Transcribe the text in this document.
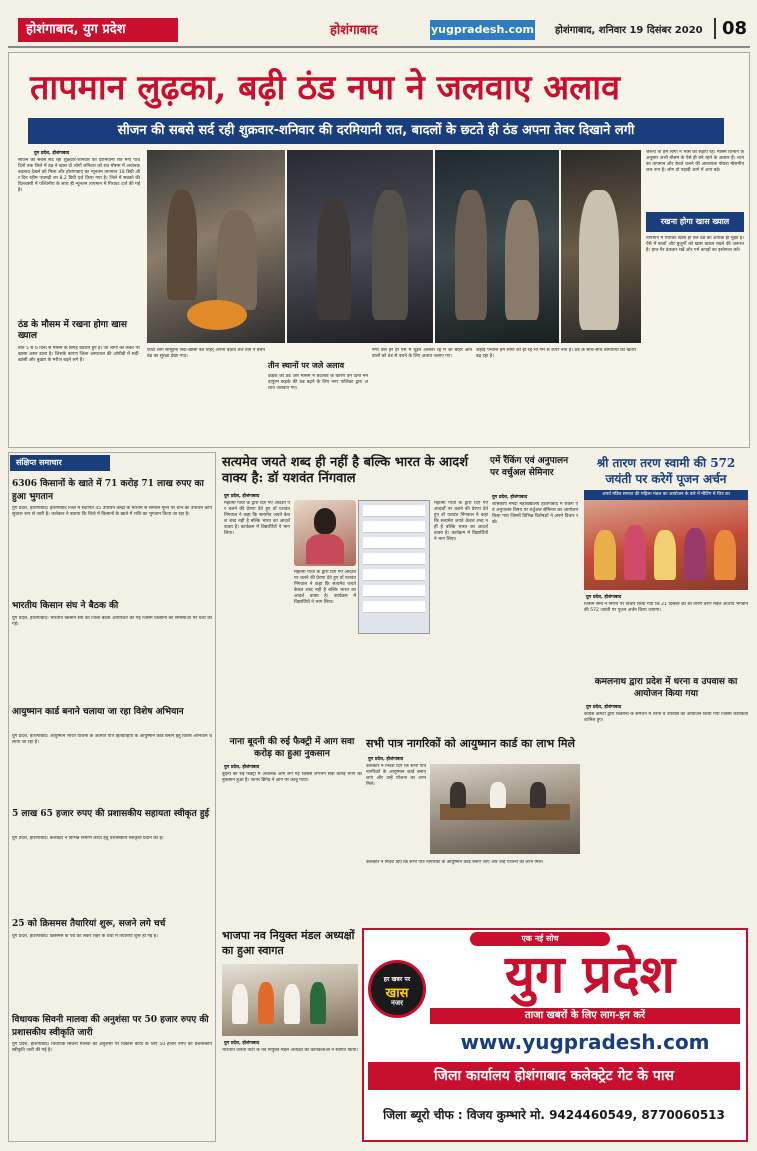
होशंगाबाद, युग प्रदेश	होशंगाबाद	yugpradesh.com होशंगाबाद, शनिवार 19 दिसंबर 2020	08
तापमान लुढ़का, बढ़ी ठंड नपा ने जलवाए अलाव
सीजन की सबसे सर्द रही शुक्रवार-शनिवार की दरमियानी रात, बादलों के छटते ही ठंड अपना तेवर दिखाने लगी
युग प्रदेश, होशंगाबाद
सीजन की सबसे सर्द रही शुक्रवार-शनिवार की दरमियानी रात मंगी पांच दिनों तक जिले में ठंड ने खास दो लोगों शनिवार को रात मौसम में अचानक बदलाव देखने को मिला और होशंगाबाद का न्यूनतम तापमान 18 डिग्री और दिन रहीम पचमढ़ी का 8.2 डिग्री दर्ज किया गया है। जिले में सबको की दिलचस्पी में पश्चिमीय के साथ ही न्यूनतम तापमान में गिरावट दर्ज की गई है।
ठंड के मौसम में रखना होगा खास ख्याल
बीते 5 से 6 दिनों से मौसम के बिगड़ बदलते हुए हैं। जो लोगों को लेकर पर खासा असर डाला है। जिसके कारण जिला अस्पताल की ओपीडी में सर्दी-खांसी और बुखार के मरीज बढ़ने लगे हैं।
फोटो लोग सामूहनों सर्दी-खांसी बत पहिर् अपना बचाव तेज तीन ने बचने ठंड का सुरक्षा देखा गया।
तीन स्थानों पर जले अलाव
कड़के की ठंड और मौसम में बदलाव के कारण इन दिनों नर्मदापुरम कड़के की ठंड बढ़ने के लिए नगर पालिका द्वारा अलाव जलवाए गए।
नगर बैल हर ही ऐसे में चूड़ने अलावा रहे में जो बाहर आने वालों को ठंड से बचने के लिए अलाव जलाए गए।
जहाड़ पन्थीत्त हम लोगों को हो रहे भी गर्म से ऊपर नया है। ठंड के साथ-साथ बीमारियों का खतरा बढ़ रहा है।
जरूरी तो हम लोगों ने भीस की सड़ाए रहे। मौसम विभाग के अनुसार अभी मौसम के ऐसे ही बने रहने के आसार हैं। शाम का तापमान और बेचते चलने की आवश्यक पोछरा मौसमीय जल रूप है। लोग दो पहाड़ी आगे में आए बड़े।
रखना होगा खास ख्याल
तापमान में गिरावट खास ही तेल ठंड की अधिक ही मुझी है। ऐसे में बच्चों और बुजुर्गों को खास ख्याल रखने की जरूरत है। हाथ-पैर ढंककर रखें और गर्म कपड़ों का इस्तेमाल करें।
संक्षिप्त समाचार
6306 किसानों के खाते में 71 करोड़ 71 लाख रुपए का हुआ भुगतान
युग प्रदेश, होशंगाबाद। होशंगाबाद जिले में स्थापित 45 उपार्जन केन्द्रों के माध्यम से समर्थन मूल्य पर धान का उपार्जन कार्य सुचारू रूप से जारी है। कलेक्टर ने बताया कि जिले में किसानों के खाते में राशि का भुगतान किया जा रहा है।
भारतीय किसान संघ ने बैठक की
युग प्रदेश, होशंगाबाद। भारतीय किसान संघ की जिला बैठक आयोजित की गई जिसमें किसानों की समस्याओं पर चर्चा की गई।
आयुष्मान कार्ड बनाने चलाया जा रहा विशेष अभियान
युग प्रदेश, होशंगाबाद। आयुष्मान भारत योजना के अंतर्गत पात्र हितग्राहियों के आयुष्मान कार्ड बनाने हेतु विशेष अभियान चलाया जा रहा है।
5 लाख 65 हजार रुपए की प्रशासकीय सहायता स्वीकृत हुई
युग प्रदेश, होशंगाबाद। कलेक्टर ने विभिन्न निर्माण कार्यों हेतु प्रशासकीय स्वीकृति प्रदान की है।
25 को क्रिसमस तैयारियां शुरू, सजने लगे चर्च
युग प्रदेश, होशंगाबाद। क्रिसमस के पर्व को लेकर शहर के चर्चों में तैयारियां शुरू हो गई हैं।
विधायक सिवनी मालवा की अनुशंसा पर 50 हजार रुपए की प्रशासकीय स्वीकृति जारी
युग प्रदेश, होशंगाबाद। विधायक सिवनी मालवा की अनुशंसा पर विकास कार्यों के लिए 50 हजार रुपए की प्रशासकीय स्वीकृति जारी की गई है।
सत्यमेव जयते शब्द ही नहीं है बल्कि भारत के आदर्श वाक्य है: डॉ यशवंत निंगवाल
युग प्रदेश, होशंगाबाद
महात्मा गांधी के द्वारा दिए गए आदर्शों पर चलने की प्रेरणा देते हुए डॉ यशवंत निंगवाल ने कहा कि सत्यमेव जयते केवल शब्द नहीं है बल्कि भारत का आदर्श वाक्य है। कार्यक्रम में विद्यार्थियों ने भाग लिया।
महात्मा गांधी के द्वारा दिए गए आदर्शों पर चलने की प्रेरणा देते हुए डॉ यशवंत निंगवाल ने कहा कि सत्यमेव जयते केवल शब्द नहीं है बल्कि भारत का आदर्श वाक्य है। कार्यक्रम में विद्यार्थियों ने भाग लिया।
महात्मा गांधी के द्वारा दिए गए आदर्शों पर चलने की प्रेरणा देते हुए डॉ यशवंत निंगवाल ने कहा कि सत्यमेव जयते केवल शब्द नहीं है बल्कि भारत का आदर्श वाक्य है। कार्यक्रम में विद्यार्थियों ने भाग लिया।
एमें रैंकिंग एवं अनुपालन पर वर्चुअल सेमिनार
युग प्रदेश, होशंगाबाद
शासकीय नर्मदा महाविद्यालय होशंगाबाद में रैंकिंग एवं अनुपालन विषय पर वर्चुअल सेमिनार का आयोजन किया गया जिसमें विभिन्न विशेषज्ञों ने अपने विचार रखे।
श्री तारण तरण स्वामी की 572 जयंती पर करेगें पूजन अर्चन
अपर्व मंडित समाज की महिला मंडल का आयोजन के बारे में मीटिंग में चित्र का
युग प्रदेश, होशंगाबाद
जिसमें समी ने निर्णय पर विचार किया गया कि 21 दिसंबर को श्री तारण तरण मंडल आचार्य भगवान की 572 जयंती पर पूजन अर्चन किया जाएगा।
नाना बूदनी की रुई फैक्ट्री में आग सवा करोड़ का हुआ नुकसान
युग प्रदेश, होशंगाबाद
बूदनी की रुई फैक्ट्री में अचानक आग लग गई जिससे लगभग सवा करोड़ रुपए का नुकसान हुआ है। फायर ब्रिगेड ने आग पर काबू पाया।
सभी पात्र नागरिकों को आयुष्मान कार्ड का लाभ मिले
युग प्रदेश, होशंगाबाद
कलेक्टर ने निर्देश दिए कि सभी पात्र नागरिकों के आयुष्मान कार्ड बनाए जाएं और उन्हें योजना का लाभ मिले।
कलेक्टर ने निर्देश दिए कि सभी पात्र नागरिकों के आयुष्मान कार्ड बनाए जाएं और उन्हें योजना का लाभ मिले।
कमलनाथ द्वारा प्रदेश में धरना व उपवास का आयोजन किया गया
युग प्रदेश, होशंगाबाद
कांग्रेस कमेटी द्वारा किसानों के समर्थन में धरना व उपवास का आयोजन किया गया जिसमें कार्यकर्ता शामिल हुए।
भाजपा नव नियुक्त मंडल अध्यक्षों का हुआ स्वागत
युग प्रदेश, होशंगाबाद
भारतीय जनता पार्टी के नव नियुक्त मंडल अध्यक्षों का कार्यकर्ताओं ने स्वागत किया।
एक नई सोच
हर खबर पर
खास
नजर	युग प्रदेश
ताजा खबरों के लिए लाग-इन करें
www.yugpradesh.com
जिला कार्यालय होशंगाबाद कलेक्ट्रेट गेट के पास
जिला ब्यूरो चीफ : विजय कुम्भारे मो. 9424460549, 8770060513
